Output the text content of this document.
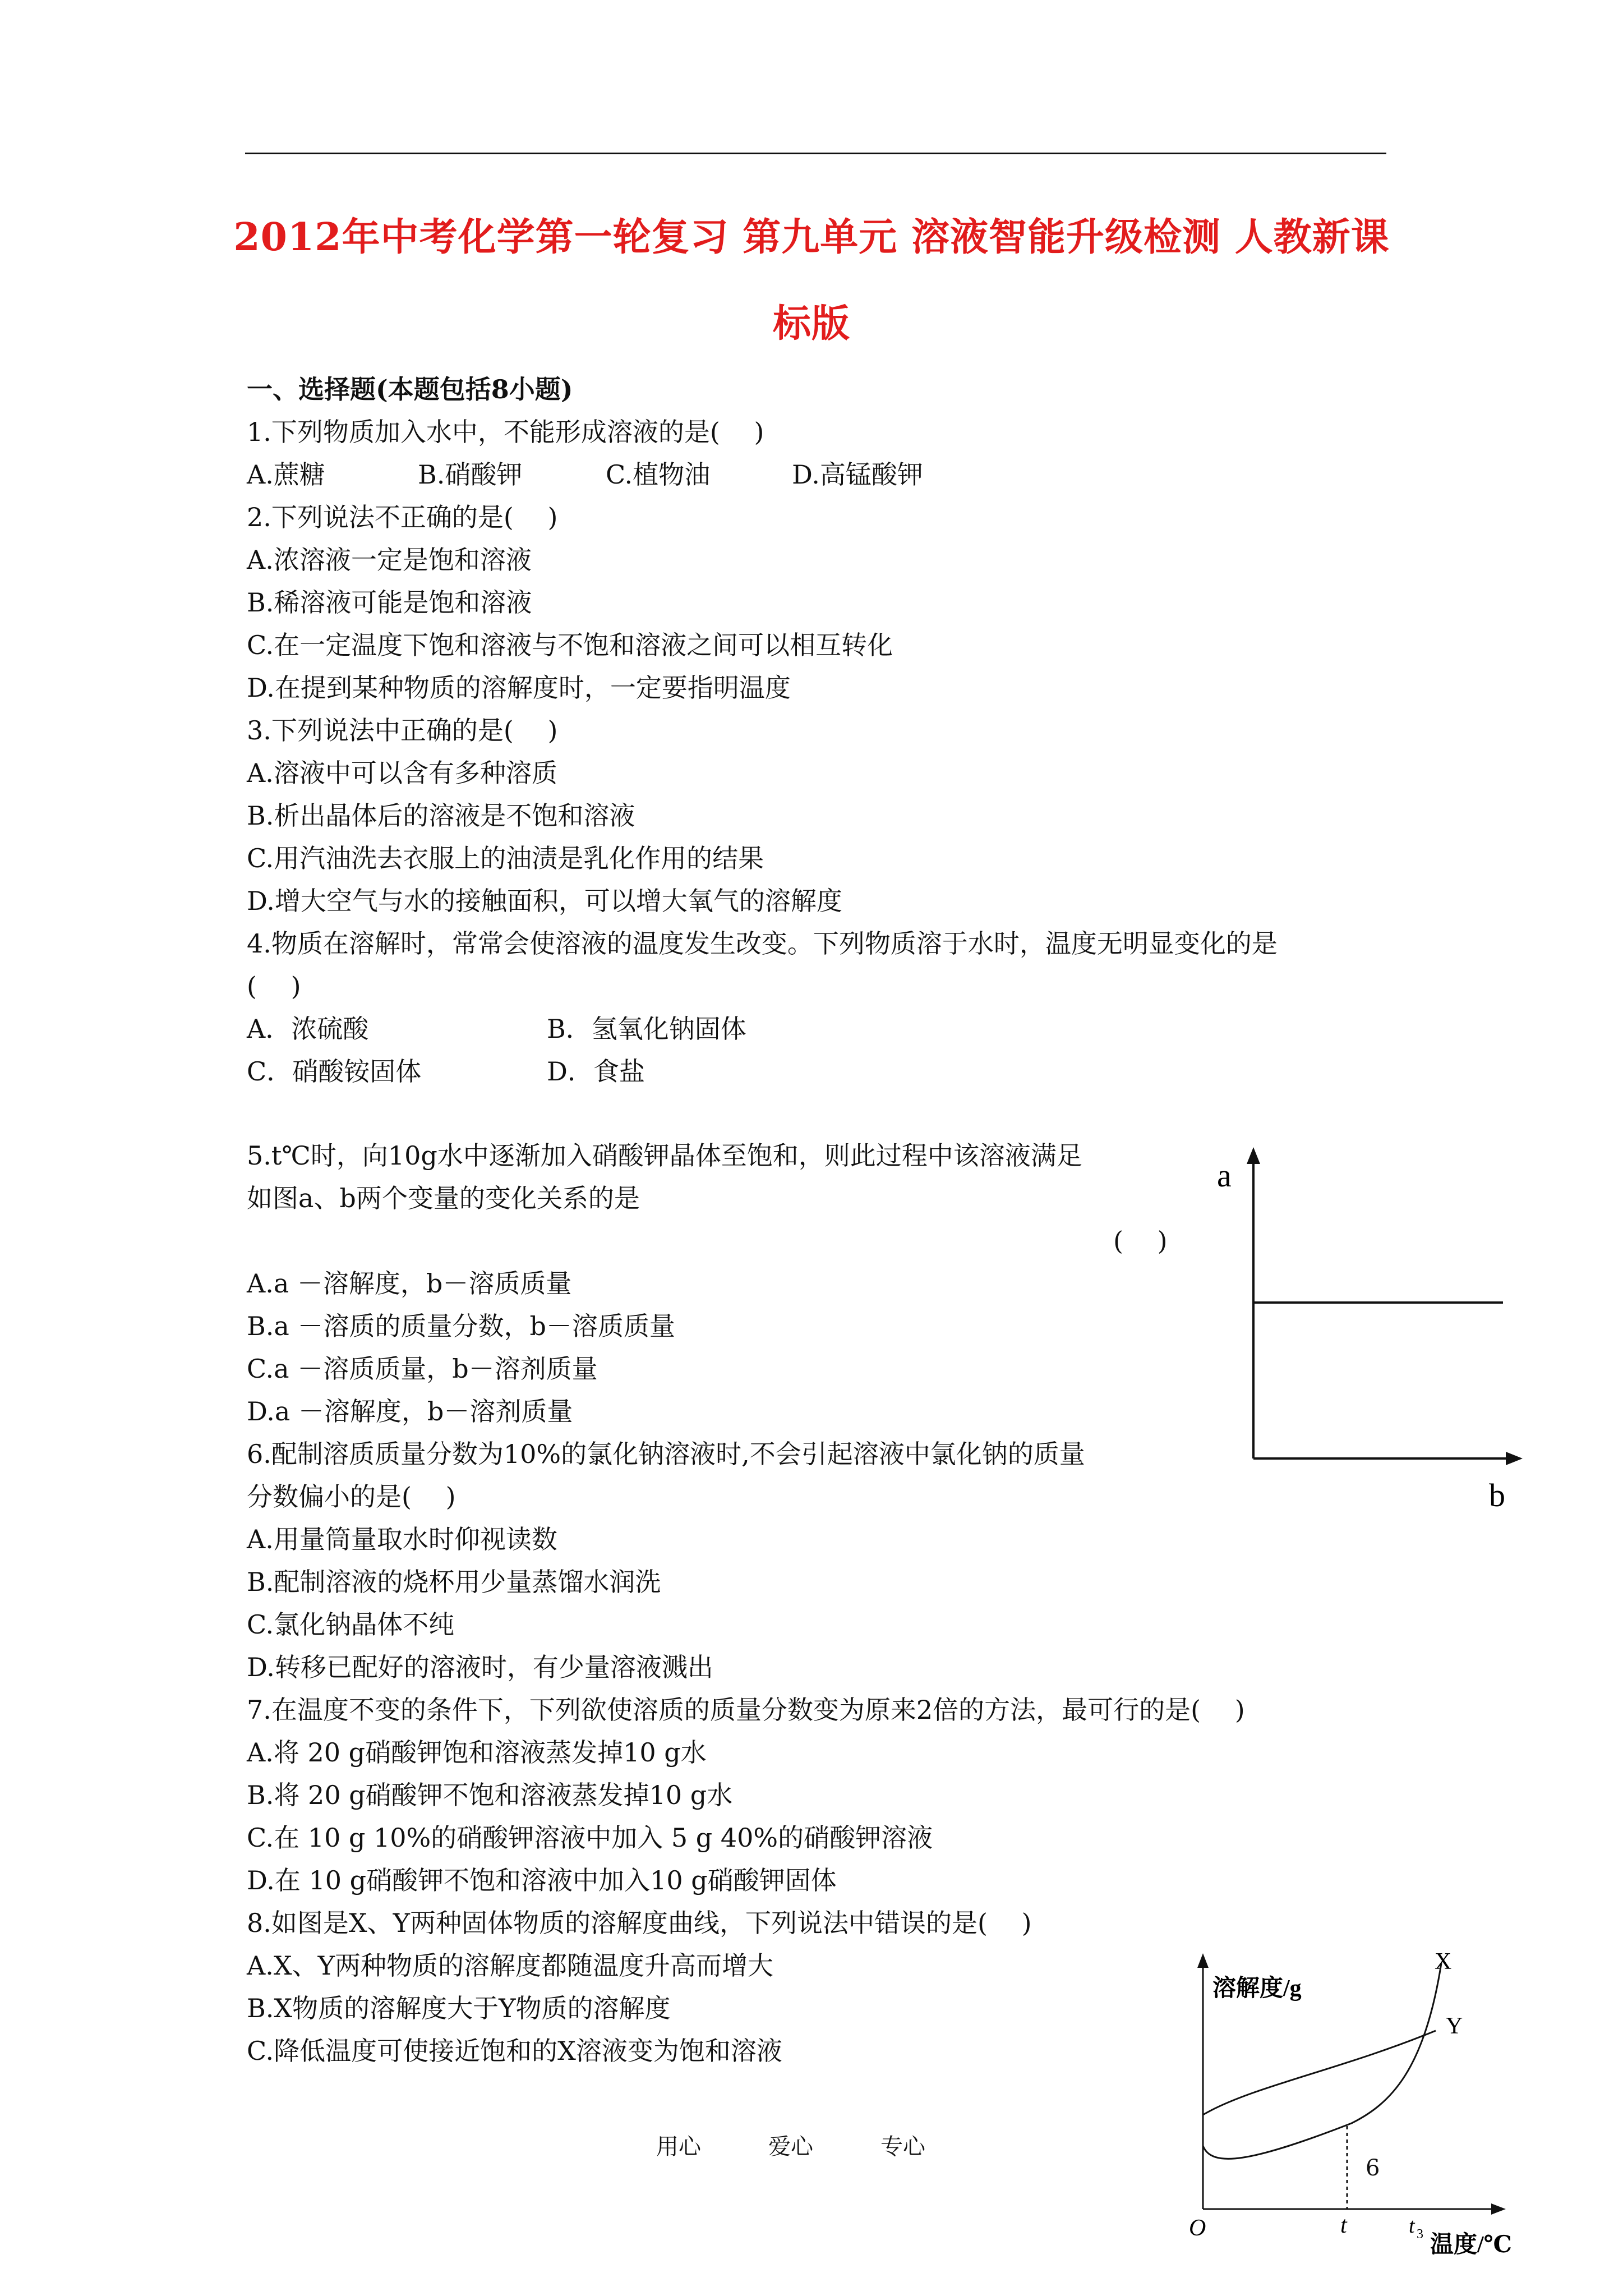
2012年中考化学第一轮复习 第九单元 溶液智能升级检测 人教新课
标版
一、选择题(本题包括8小题)
1.下列物质加入水中，不能形成溶液的是(　 )
A.蔗糖	B.硝酸钾	C.植物油	D.高锰酸钾
2.下列说法不正确的是(　 )
A.浓溶液一定是饱和溶液
B.稀溶液可能是饱和溶液
C.在一定温度下饱和溶液与不饱和溶液之间可以相互转化
D.在提到某种物质的溶解度时，一定要指明温度
3.下列说法中正确的是(　 )
A.溶液中可以含有多种溶质
B.析出晶体后的溶液是不饱和溶液
C.用汽油洗去衣服上的油渍是乳化作用的结果
D.增大空气与水的接触面积，可以增大氧气的溶解度
4.物质在溶解时，常常会使溶液的温度发生改变。下列物质溶于水时，温度无明显变化的是
(　 )
A．浓硫酸	B．氢氧化钠固体
C．硝酸铵固体	D．食盐
5.t℃时，向10g水中逐渐加入硝酸钾晶体至饱和，则此过程中该溶液满足
如图a、b两个变量的变化关系的是
(　 )
A.a －溶解度，b－溶质质量
B.a －溶质的质量分数，b－溶质质量
C.a －溶质质量，b－溶剂质量
D.a －溶解度，b－溶剂质量
a
b
6.配制溶质质量分数为10%的氯化钠溶液时,不会引起溶液中氯化钠的质量
分数偏小的是(　 )
A.用量筒量取水时仰视读数
B.配制溶液的烧杯用少量蒸馏水润洗
C.氯化钠晶体不纯
D.转移已配好的溶液时，有少量溶液溅出
7.在温度不变的条件下，下列欲使溶质的质量分数变为原来2倍的方法，最可行的是(　 )
A.将 20 g硝酸钾饱和溶液蒸发掉10 g水
B.将 20 g硝酸钾不饱和溶液蒸发掉10 g水
C.在 10 g 10%的硝酸钾溶液中加入 5 g 40%的硝酸钾溶液
D.在 10 g硝酸钾不饱和溶液中加入10 g硝酸钾固体
8.如图是X、Y两种固体物质的溶解度曲线，下列说法中错误的是(　 )
A.X、Y两种物质的溶解度都随温度升高而增大
B.X物质的溶解度大于Y物质的溶解度
C.降低温度可使接近饱和的X溶液变为饱和溶液
溶解度/g
温度/℃
O	t	t 3
X
Y
用心	爱心	专心
6
